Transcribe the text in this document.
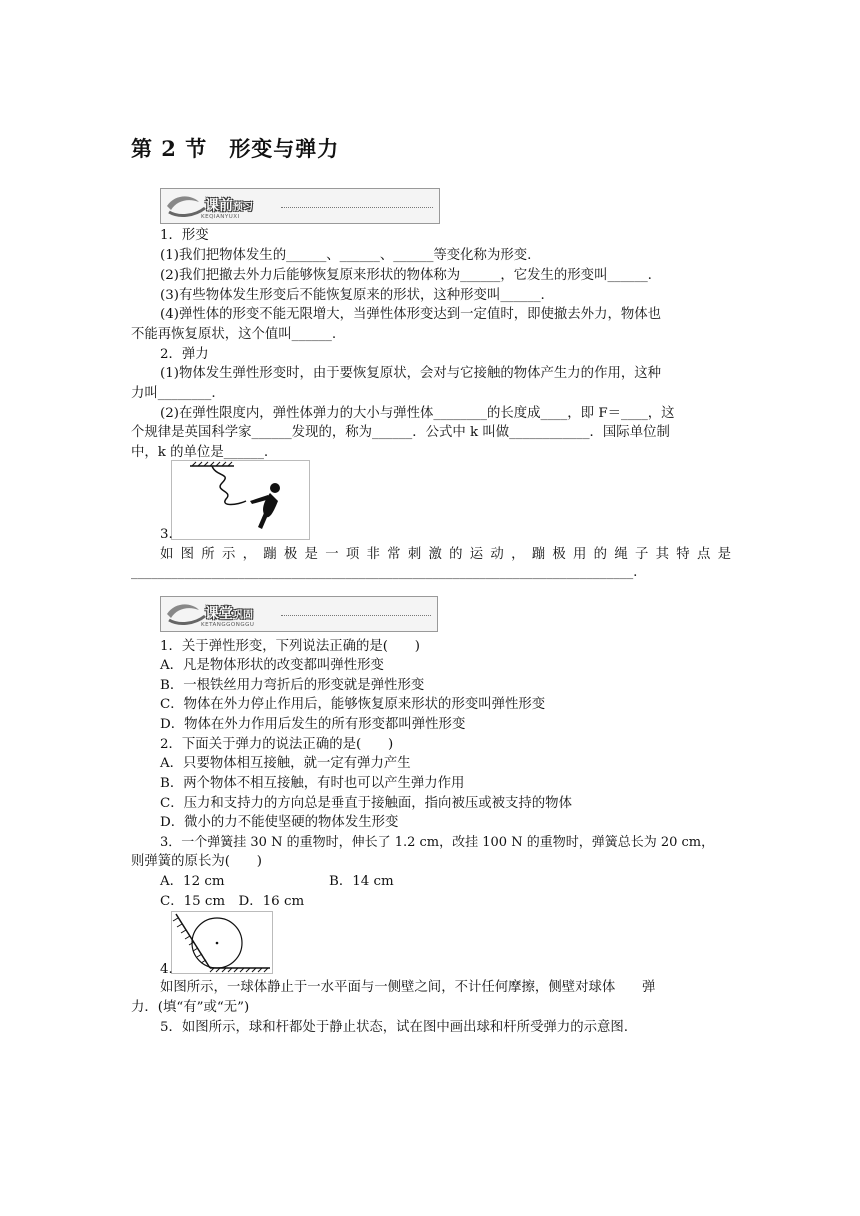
第 2 节　形变与弹力
课前预习
KEQIANYUXI
1．形变
(1)我们把物体发生的______、______、______等变化称为形变.
(2)我们把撤去外力后能够恢复原来形状的物体称为______，它发生的形变叫______.
(3)有些物体发生形变后不能恢复原来的形状，这种形变叫______.
(4)弹性体的形变不能无限增大，当弹性体形变达到一定值时，即使撤去外力，物体也
不能再恢复原状，这个值叫______.
2．弹力
(1)物体发生弹性形变时，由于要恢复原状，会对与它接触的物体产生力的作用，这种
力叫________.
(2)在弹性限度内，弹性体弹力的大小与弹性体________的长度成____，即 F＝____，这
个规律是英国科学家______发现的，称为______．公式中 k 叫做____________．国际单位制
中，k 的单位是______.
3.
如 图 所 示 ， 蹦 极 是 一 项 非 常 刺 激 的 运 动 ， 蹦 极 用 的 绳 子 其 特 点 是
___________________________________________________________________________.
课堂巩固
KETANGGONGGU
1．关于弹性形变，下列说法正确的是(　　)
A．凡是物体形状的改变都叫弹性形变
B．一根铁丝用力弯折后的形变就是弹性形变
C．物体在外力停止作用后，能够恢复原来形状的形变叫弹性形变
D．物体在外力作用后发生的所有形变都叫弹性形变
2．下面关于弹力的说法正确的是(　　)
A．只要物体相互接触，就一定有弹力产生
B．两个物体不相互接触，有时也可以产生弹力作用
C．压力和支持力的方向总是垂直于接触面，指向被压或被支持的物体
D．微小的力不能使坚硬的物体发生形变
3．一个弹簧挂 30 N 的重物时，伸长了 1.2 cm，改挂 100 N 的重物时，弹簧总长为 20 cm，
则弹簧的原长为(　　)
A．12 cm	B．14 cm
C．15 cm　D．16 cm
4.
如图所示，一球体静止于一水平面与一侧壁之间，不计任何摩擦，侧壁对球体　　弹
力．(填“有”或“无”)
5．如图所示，球和杆都处于静止状态，试在图中画出球和杆所受弹力的示意图.
